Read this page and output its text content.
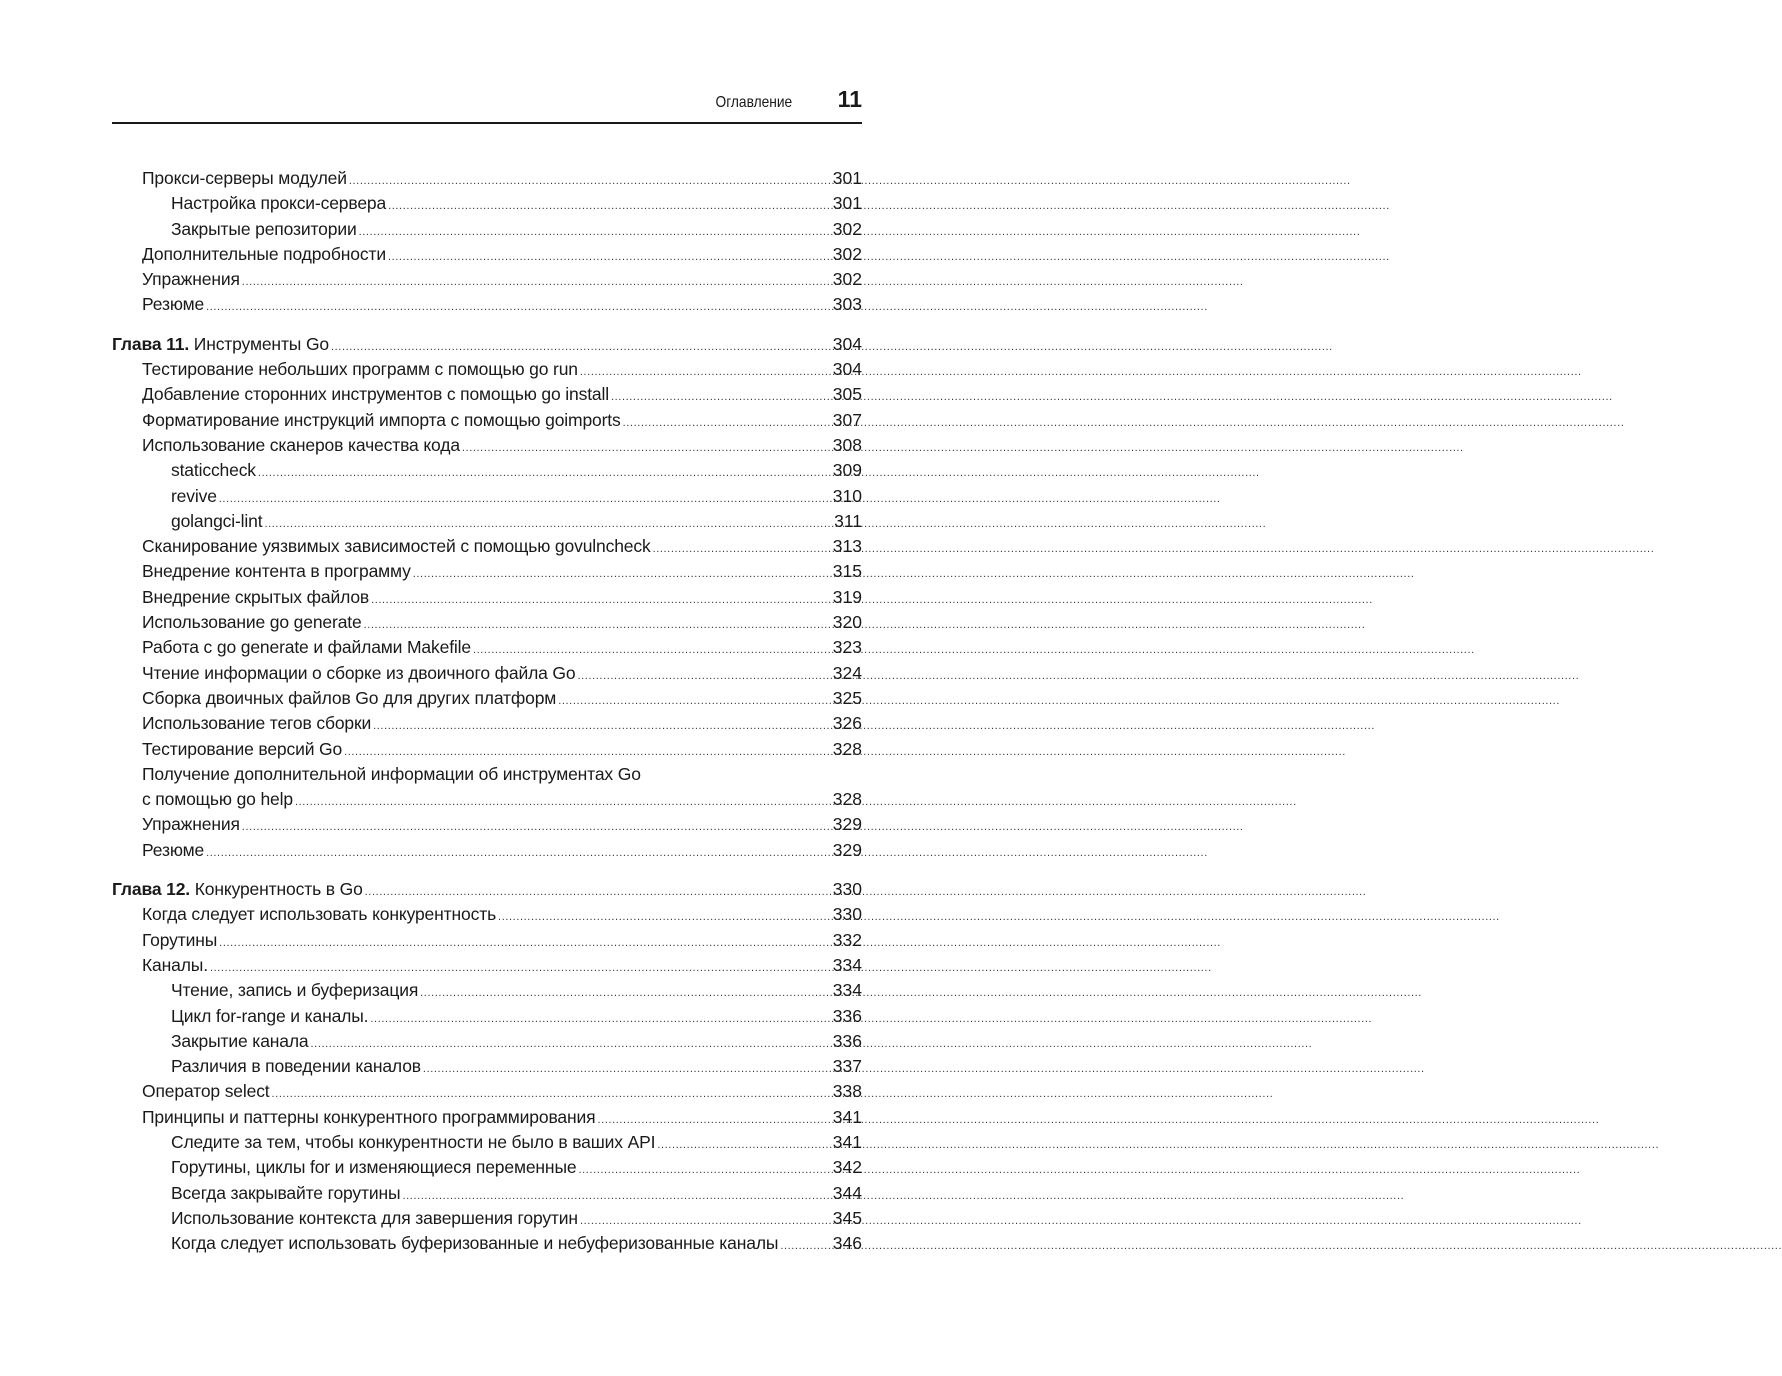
Оглавление 11
Прокси-серверы модулей .....	301
Настройка прокси-сервера .....	301
Закрытые репозитории .....	302
Дополнительные подробности .....	302
Упражнения .....	302
Резюме .....	303
Глава 11. Инструменты Go .....	304
Тестирование небольших программ с помощью go run .....	304
Добавление сторонних инструментов с помощью go install .....	305
Форматирование инструкций импорта с помощью goimports .....	307
Использование сканеров качества кода .....	308
staticcheck .....	309
revive .....	310
golangci-lint .....	311
Сканирование уязвимых зависимостей с помощью govulncheck .....	313
Внедрение контента в программу .....	315
Внедрение скрытых файлов .....	319
Использование go generate .....	320
Работа с go generate и файлами Makefile .....	323
Чтение информации о сборке из двоичного файла Go .....	324
Сборка двоичных файлов Go для других платформ .....	325
Использование тегов сборки .....	326
Тестирование версий Go .....	328
Получение дополнительной информации об инструментах Go
с помощью go help .....	328
Упражнения .....	329
Резюме .....	329
Глава 12. Конкурентность в Go .....	330
Когда следует использовать конкурентность .....	330
Горутины .....	332
Каналы. .....	334
Чтение, запись и буферизация .....	334
Цикл for-range и каналы. .....	336
Закрытие канала .....	336
Различия в поведении каналов .....	337
Оператор select .....	338
Принципы и паттерны конкурентного программирования .....	341
Следите за тем, чтобы конкурентности не было в ваших API .....	341
Горутины, циклы for и изменяющиеся переменные .....	342
Всегда закрывайте горутины .....	344
Использование контекста для завершения горутин .....	345
Когда следует использовать буферизованные и небуферизованные каналы .....	346
